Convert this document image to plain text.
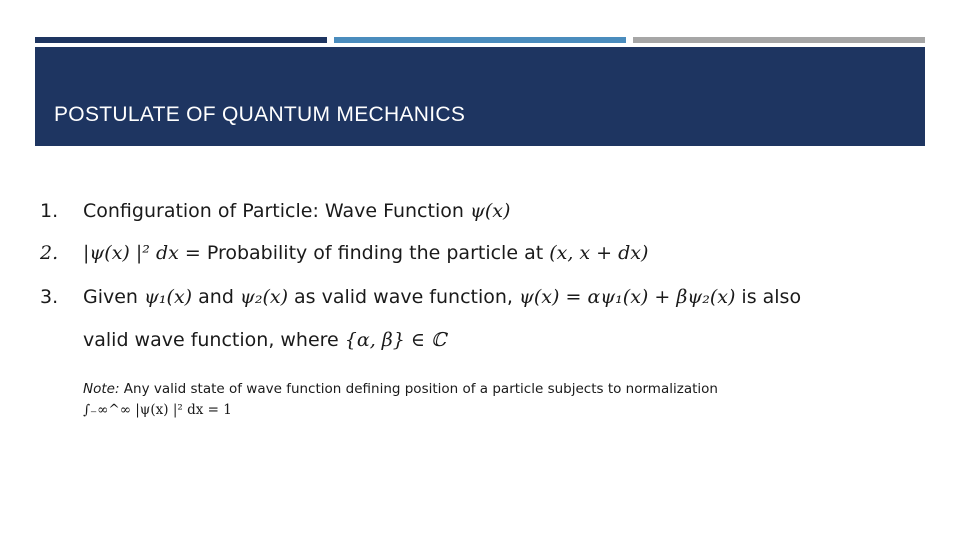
POSTULATE OF QUANTUM MECHANICS
1.	Configuration of Particle: Wave Function ψ(x)
2.	|ψ(x) |² dx = Probability of finding the particle at (x, x + dx)
3.	Given ψ₁(x) and ψ₂(x) as valid wave function, ψ(x) = αψ₁(x) + βψ₂(x) is also
valid wave function, where {α, β} ∈ ℂ
Note: Any valid state of wave function defining position of a particle subjects to normalization
∫₋∞^∞ |ψ(x) |² dx = 1
